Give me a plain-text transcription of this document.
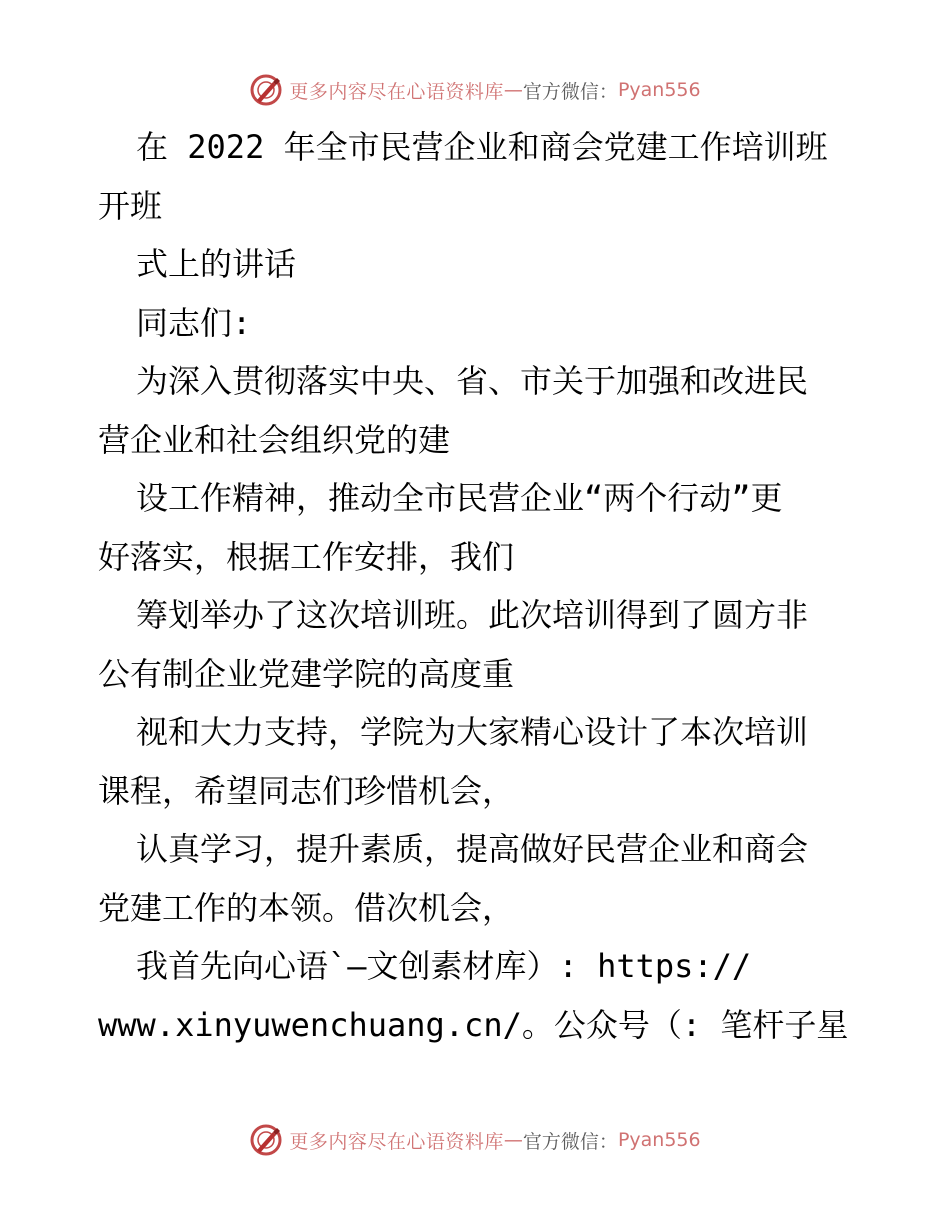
更多内容尽在心语资料库 — 官方微信： Pyan556
在 2022 年全市民营企业和商会党建工作培训班
开班
式上的讲话
同志们:
为深入贯彻落实中央、省、市关于加强和改进民
营企业和社会组织党的建
设工作精神，推动全市民营企业“两个行动”更
好落实，根据工作安排，我们
筹划举办了这次培训班。此次培训得到了圆方非
公有制企业党建学院的高度重
视和大力支持，学院为大家精心设计了本次培训
课程，希望同志们珍惜机会，
认真学习，提升素质，提高做好民营企业和商会
党建工作的本领。借次机会，
我首先向心语`—文创素材库）: https://
www.xinyuwenchuang.cn/。公众号（: 笔杆子星
更多内容尽在心语资料库 — 官方微信： Pyan556
